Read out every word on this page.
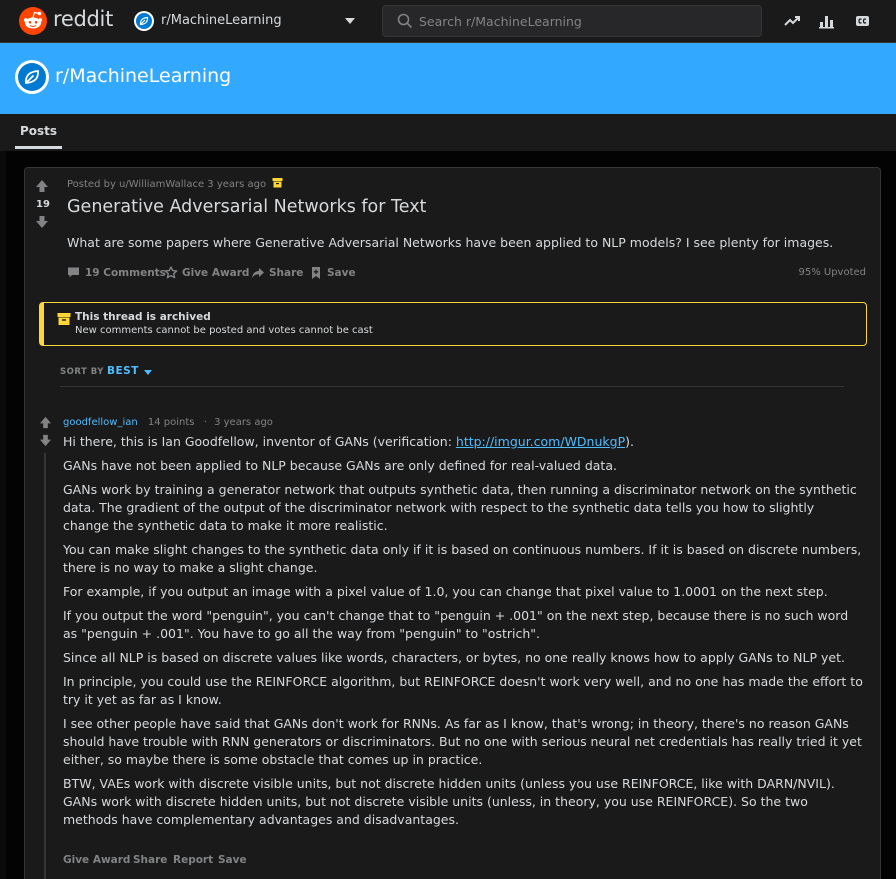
reddit	r/MachineLearning
Search r/MachineLearning
r/MachineLearning
Posts
19
Posted by u/WilliamWallace 3 years ago
Generative Adversarial Networks for Text
What are some papers where Generative Adversarial Networks have been applied to NLP models? I see plenty for images.
19 Comments Give Award Share Save	95% Upvoted
This thread is archived
New comments cannot be posted and votes cannot be cast
SORT BY BEST
goodfellow_ian 14 points · 3 years ago

Hi there, this is Ian Goodfellow, inventor of GANs (verification: http://imgur.com/WDnukgP).

GANs have not been applied to NLP because GANs are only defined for real-valued data.

GANs work by training a generator network that outputs synthetic data, then running a discriminator network on the synthetic data. The gradient of the output of the discriminator network with respect to the synthetic data tells you how to slightly change the synthetic data to make it more realistic.

You can make slight changes to the synthetic data only if it is based on continuous numbers. If it is based on discrete numbers, there is no way to make a slight change.

For example, if you output an image with a pixel value of 1.0, you can change that pixel value to 1.0001 on the next step.

If you output the word "penguin", you can't change that to "penguin + .001" on the next step, because there is no such word as "penguin + .001". You have to go all the way from "penguin" to "ostrich".

Since all NLP is based on discrete values like words, characters, or bytes, no one really knows how to apply GANs to NLP yet.

In principle, you could use the REINFORCE algorithm, but REINFORCE doesn't work very well, and no one has made the effort to try it yet as far as I know.

I see other people have said that GANs don't work for RNNs. As far as I know, that's wrong; in theory, there's no reason GANs should have trouble with RNN generators or discriminators. But no one with serious neural net credentials has really tried it yet either, so maybe there is some obstacle that comes up in practice.

BTW, VAEs work with discrete visible units, but not discrete hidden units (unless you use REINFORCE, like with DARN/NVIL). GANs work with discrete hidden units, but not discrete visible units (unless, in theory, you use REINFORCE). So the two methods have complementary advantages and disadvantages.

Give Award Share Report Save
